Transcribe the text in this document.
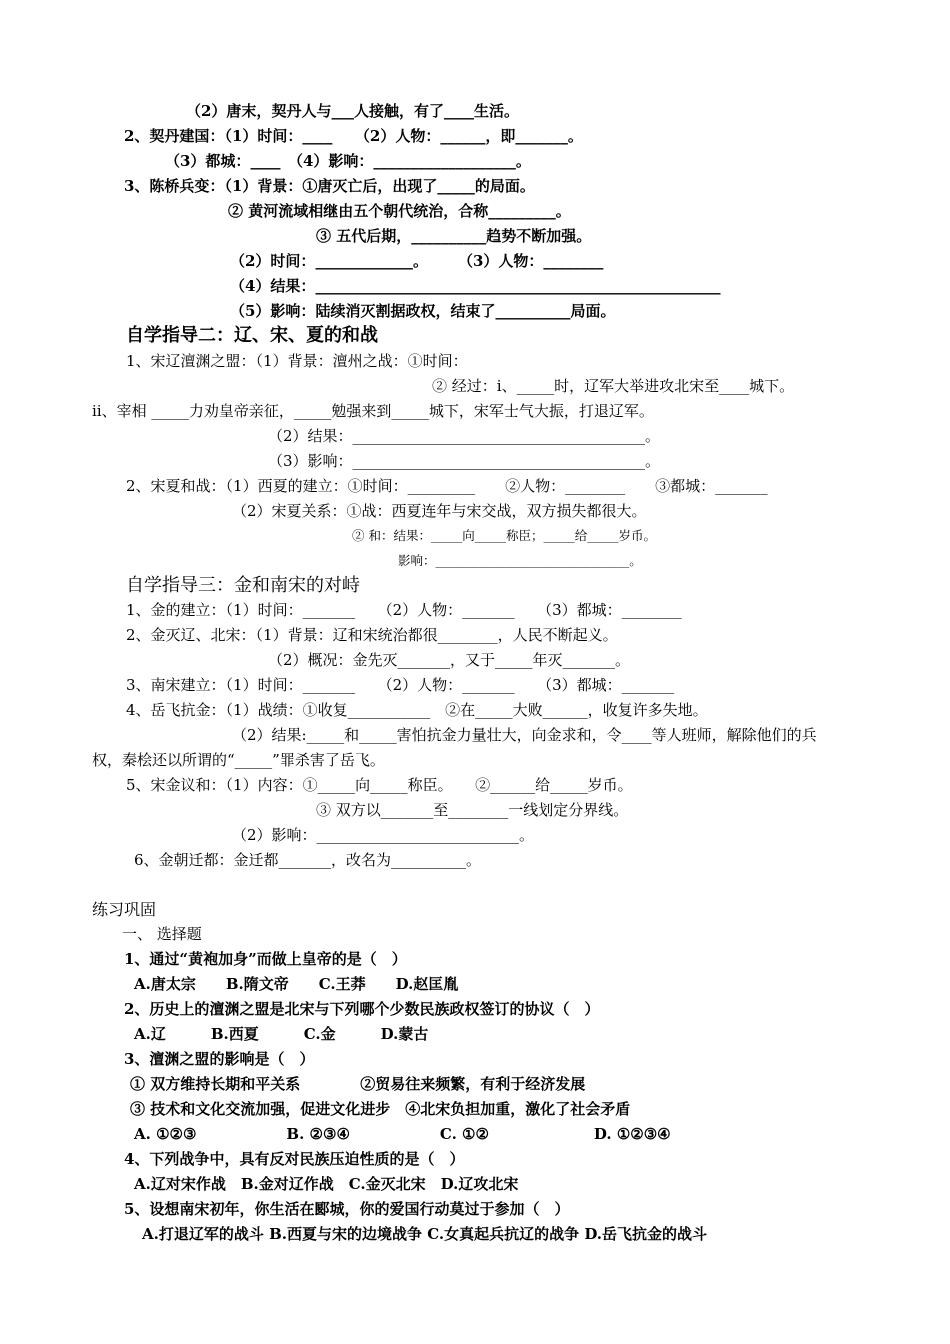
（2）唐末，契丹人与___人接触，有了____生活。
2、契丹建国：（1）时间：____　　（2）人物：______，即_______。
（3）都城：____　（4）影响：___________________。
3、陈桥兵变：（1）背景：①唐灭亡后，出现了_____的局面。
② 黄河流域相继由五个朝代统治，合称_________。
③ 五代后期，__________趋势不断加强。
（2）时间：_____________。　　　（3）人物：________
（4）结果：______________________________________________________
（5）影响：陆续消灭割据政权，结束了__________局面。
自学指导二：辽、宋、夏的和战
1、宋辽澶渊之盟：（1）背景：澶州之战：①时间：
② 经过：ⅰ、_____时，辽军大举进攻北宋至____城下。
ⅱ、宰相 _____力劝皇帝亲征，_____勉强来到_____城下，宋军士气大振，打退辽军。
（2）结果：_______________________________________。
（3）影响：_______________________________________。
2、宋夏和战：（1）西夏的建立：①时间：_________　　②人物：________　　③都城：_______
（2）宋夏关系：①战：西夏连年与宋交战，双方损失都很大。
② 和：结果：_____向_____称臣；_____给_____岁币。
影响：_______________________________。
自学指导三：金和南宋的对峙
1、金的建立：（1）时间：_______　　（2）人物：_______　　（3）都城：________
2、金灭辽、北宋：（1）背景：辽和宋统治都很________，人民不断起义。
（2）概况：金先灭_______，又于_____年灭_______。
3、南宋建立：（1）时间：_______　　（2）人物：_______　　（3）都城：_______
4、岳飞抗金：（1）战绩：①收复___________　②在_____大败______，收复许多失地。
（2）结果:_____和_____害怕抗金力量壮大，向金求和，令____等人班师，解除他们的兵
权，秦桧还以所谓的“_____”罪杀害了岳飞。
5、宋金议和：（1）内容：①_____向_____称臣。　　②______给_____岁币。
③ 双方以_______至________一线划定分界线。
（2）影响：___________________________。
6、金朝迁都：金迁都_______，改名为__________。
练习巩固
一、 选择题
1、通过“黄袍加身”而做上皇帝的是（　）
A.唐太宗　　B.隋文帝　　C.王莽　　D.赵匡胤
2、历史上的澶渊之盟是北宋与下列哪个少数民族政权签订的协议（　）
A.辽　　　B.西夏　　　C.金　　　D.蒙古
3、澶渊之盟的影响是（　）
① 双方维持长期和平关系　　　　②贸易往来频繁，有利于经济发展
③ 技术和文化交流加强，促进文化进步　④北宋负担加重，激化了社会矛盾
A. ①②③　　　　　　B. ②③④　　　　　　C. ①②　　　　　　　D. ①②③④
4、下列战争中，具有反对民族压迫性质的是（　）
A.辽对宋作战　B.金对辽作战　C.金灭北宋　D.辽攻北宋
5、设想南宋初年，你生活在郾城，你的爱国行动莫过于参加（　）
A.打退辽军的战斗 B.西夏与宋的边境战争 C.女真起兵抗辽的战争 D.岳飞抗金的战斗
